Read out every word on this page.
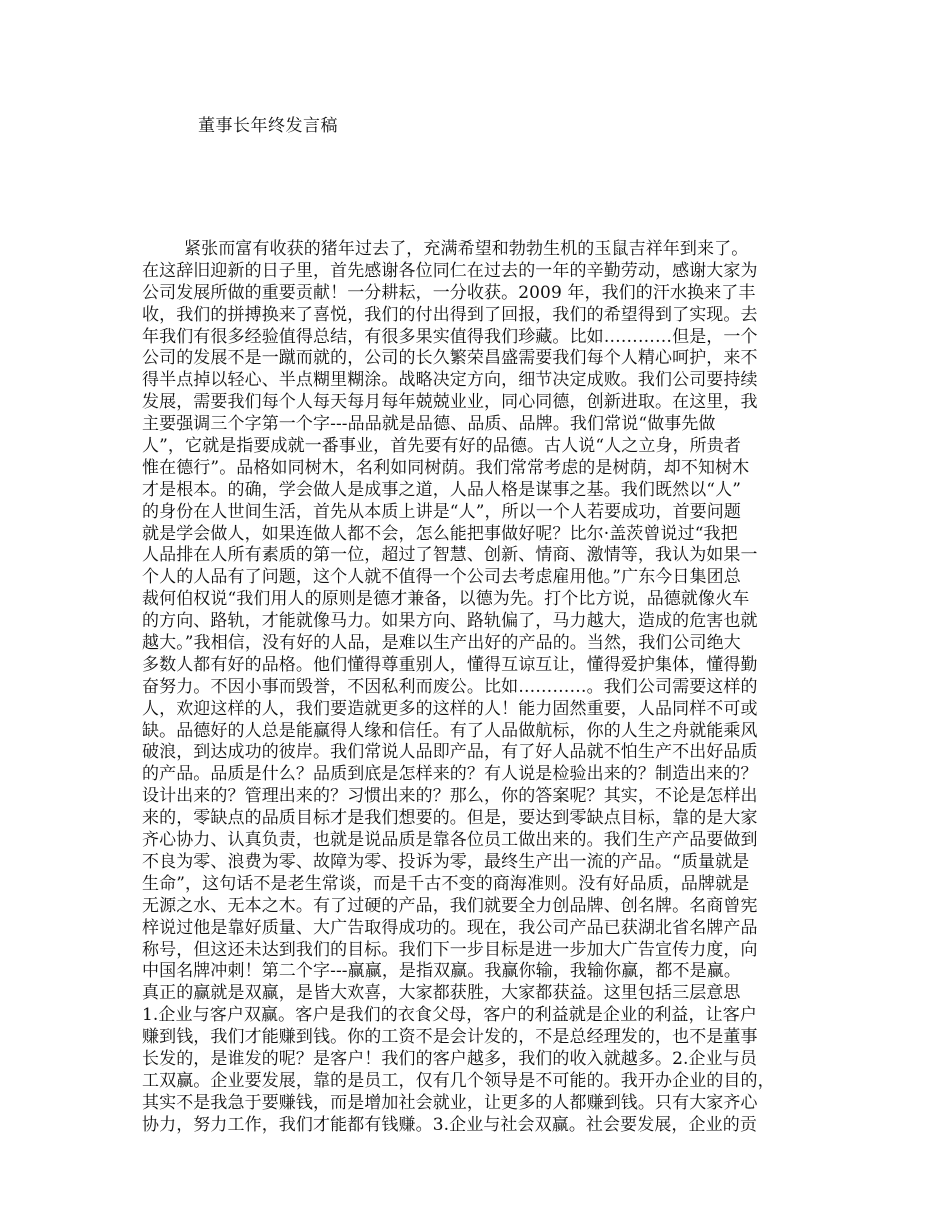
董事长年终发言稿
紧张而富有收获的猪年过去了，充满希望和勃勃生机的玉鼠吉祥年到来了。
在这辞旧迎新的日子里，首先感谢各位同仁在过去的一年的辛勤劳动，感谢大家为
公司发展所做的重要贡献！一分耕耘，一分收获。2009 年，我们的汗水换来了丰
收，我们的拼搏换来了喜悦，我们的付出得到了回报，我们的希望得到了实现。去
年我们有很多经验值得总结，有很多果实值得我们珍藏。比如…………但是，一个
公司的发展不是一蹴而就的，公司的长久繁荣昌盛需要我们每个人精心呵护，来不
得半点掉以轻心、半点糊里糊涂。战略决定方向，细节决定成败。我们公司要持续
发展，需要我们每个人每天每月每年兢兢业业，同心同德，创新进取。在这里，我
主要强调三个字第一个字---品品就是品德、品质、品牌。我们常说“做事先做
人”，它就是指要成就一番事业，首先要有好的品德。古人说“人之立身，所贵者
惟在德行”。品格如同树木，名利如同树荫。我们常常考虑的是树荫，却不知树木
才是根本。的确，学会做人是成事之道，人品人格是谋事之基。我们既然以“人”
的身份在人世间生活，首先从本质上讲是“人”，所以一个人若要成功，首要问题
就是学会做人，如果连做人都不会，怎么能把事做好呢？比尔·盖茨曾说过“我把
人品排在人所有素质的第一位，超过了智慧、创新、情商、激情等，我认为如果一
个人的人品有了问题，这个人就不值得一个公司去考虑雇用他。”广东今日集团总
裁何伯权说“我们用人的原则是德才兼备，以德为先。打个比方说，品德就像火车
的方向、路轨，才能就像马力。如果方向、路轨偏了，马力越大，造成的危害也就
越大。”我相信，没有好的人品，是难以生产出好的产品的。当然，我们公司绝大
多数人都有好的品格。他们懂得尊重别人，懂得互谅互让，懂得爱护集体，懂得勤
奋努力。不因小事而毁誉，不因私利而废公。比如…………。我们公司需要这样的
人，欢迎这样的人，我们要造就更多的这样的人！能力固然重要，人品同样不可或
缺。品德好的人总是能赢得人缘和信任。有了人品做航标，你的人生之舟就能乘风
破浪，到达成功的彼岸。我们常说人品即产品，有了好人品就不怕生产不出好品质
的产品。品质是什么？品质到底是怎样来的？有人说是检验出来的？制造出来的？
设计出来的？管理出来的？习惯出来的？那么，你的答案呢？其实，不论是怎样出
来的，零缺点的品质目标才是我们想要的。但是，要达到零缺点目标，靠的是大家
齐心协力、认真负责，也就是说品质是靠各位员工做出来的。我们生产产品要做到
不良为零、浪费为零、故障为零、投诉为零，最终生产出一流的产品。“质量就是
生命”，这句话不是老生常谈，而是千古不变的商海准则。没有好品质，品牌就是
无源之水、无本之木。有了过硬的产品，我们就要全力创品牌、创名牌。名商曾宪
梓说过他是靠好质量、大广告取得成功的。现在，我公司产品已获湖北省名牌产品
称号，但这还未达到我们的目标。我们下一步目标是进一步加大广告宣传力度，向
中国名牌冲刺！第二个字---赢赢，是指双赢。我赢你输，我输你赢，都不是赢。
真正的赢就是双赢，是皆大欢喜，大家都获胜，大家都获益。这里包括三层意思
1.企业与客户双赢。客户是我们的衣食父母，客户的利益就是企业的利益，让客户
赚到钱，我们才能赚到钱。你的工资不是会计发的，不是总经理发的，也不是董事
长发的，是谁发的呢？是客户！我们的客户越多，我们的收入就越多。2.企业与员
工双赢。企业要发展，靠的是员工，仅有几个领导是不可能的。我开办企业的目的，
其实不是我急于要赚钱，而是增加社会就业，让更多的人都赚到钱。只有大家齐心
协力，努力工作，我们才能都有钱赚。3.企业与社会双赢。社会要发展，企业的贡
